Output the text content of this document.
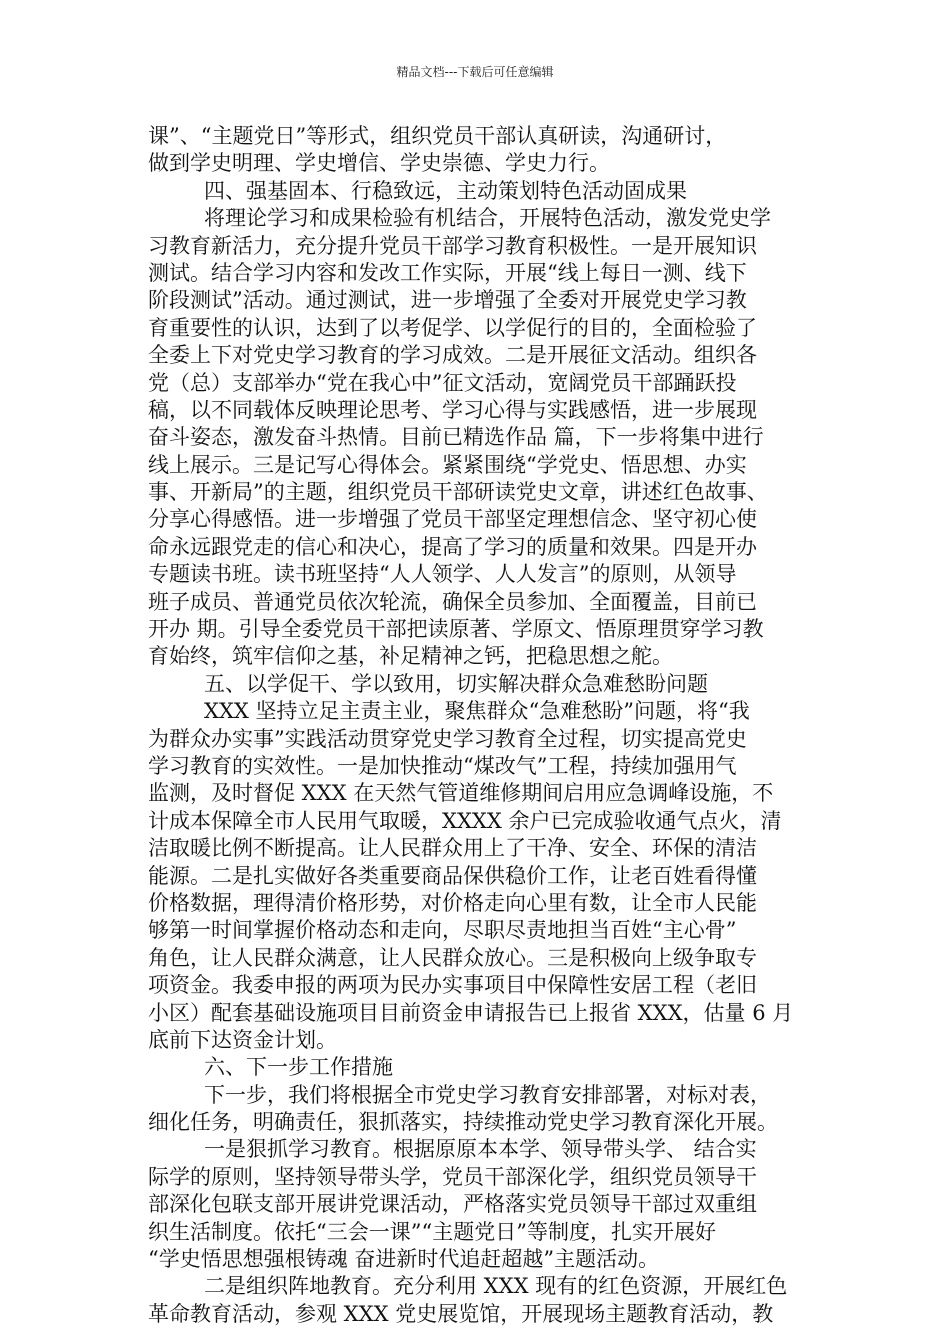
精品文档---下载后可任意编辑
课”、“主题党日”等形式，组织党员干部认真研读，沟通研讨，
做到学史明理、学史增信、学史崇德、学史力行。
四、强基固本、行稳致远，主动策划特色活动固成果
将理论学习和成果检验有机结合，开展特色活动，激发党史学
习教育新活力，充分提升党员干部学习教育积极性。一是开展知识
测试。结合学习内容和发改工作实际，开展“线上每日一测、线下
阶段测试”活动。通过测试，进一步增强了全委对开展党史学习教
育重要性的认识，达到了以考促学、以学促行的目的，全面检验了
全委上下对党史学习教育的学习成效。二是开展征文活动。组织各
党（总）支部举办“党在我心中”征文活动，宽阔党员干部踊跃投
稿，以不同载体反映理论思考、学习心得与实践感悟，进一步展现
奋斗姿态，激发奋斗热情。目前已精选作品 篇，下一步将集中进行
线上展示。三是记写心得体会。紧紧围绕“学党史、悟思想、办实
事、开新局”的主题，组织党员干部研读党史文章，讲述红色故事、
分享心得感悟。进一步增强了党员干部坚定理想信念、坚守初心使
命永远跟党走的信心和决心，提高了学习的质量和效果。四是开办
专题读书班。读书班坚持“人人领学、人人发言”的原则，从领导
班子成员、普通党员依次轮流，确保全员参加、全面覆盖，目前已
开办 期。引导全委党员干部把读原著、学原文、悟原理贯穿学习教
育始终，筑牢信仰之基，补足精神之钙，把稳思想之舵。
五、以学促干、学以致用，切实解决群众急难愁盼问题
XXX 坚持立足主责主业，聚焦群众“急难愁盼”问题，将“我
为群众办实事”实践活动贯穿党史学习教育全过程，切实提高党史
学习教育的实效性。一是加快推动“煤改气”工程，持续加强用气
监测，及时督促 XXX 在天然气管道维修期间启用应急调峰设施，不
计成本保障全市人民用气取暖，XXXX 余户已完成验收通气点火，清
洁取暖比例不断提高。让人民群众用上了干净、安全、环保的清洁
能源。二是扎实做好各类重要商品保供稳价工作，让老百姓看得懂
价格数据，理得清价格形势，对价格走向心里有数，让全市人民能
够第一时间掌握价格动态和走向，尽职尽责地担当百姓“主心骨”
角色，让人民群众满意，让人民群众放心。三是积极向上级争取专
项资金。我委申报的两项为民办实事项目中保障性安居工程（老旧
小区）配套基础设施项目目前资金申请报告已上报省 XXX，估量 6 月
底前下达资金计划。
六、下一步工作措施
下一步，我们将根据全市党史学习教育安排部署，对标对表，
细化任务，明确责任，狠抓落实，持续推动党史学习教育深化开展。
一是狠抓学习教育。根据原原本本学、领导带头学、 结合实
际学的原则，坚持领导带头学，党员干部深化学，组织党员领导干
部深化包联支部开展讲党课活动，严格落实党员领导干部过双重组
织生活制度。依托“三会一课”“主题党日”等制度，扎实开展好
“学史悟思想强根铸魂 奋进新时代追赶超越”主题活动。
二是组织阵地教育。充分利用 XXX 现有的红色资源，开展红色
革命教育活动，参观 XXX 党史展览馆，开展现场主题教育活动，教
